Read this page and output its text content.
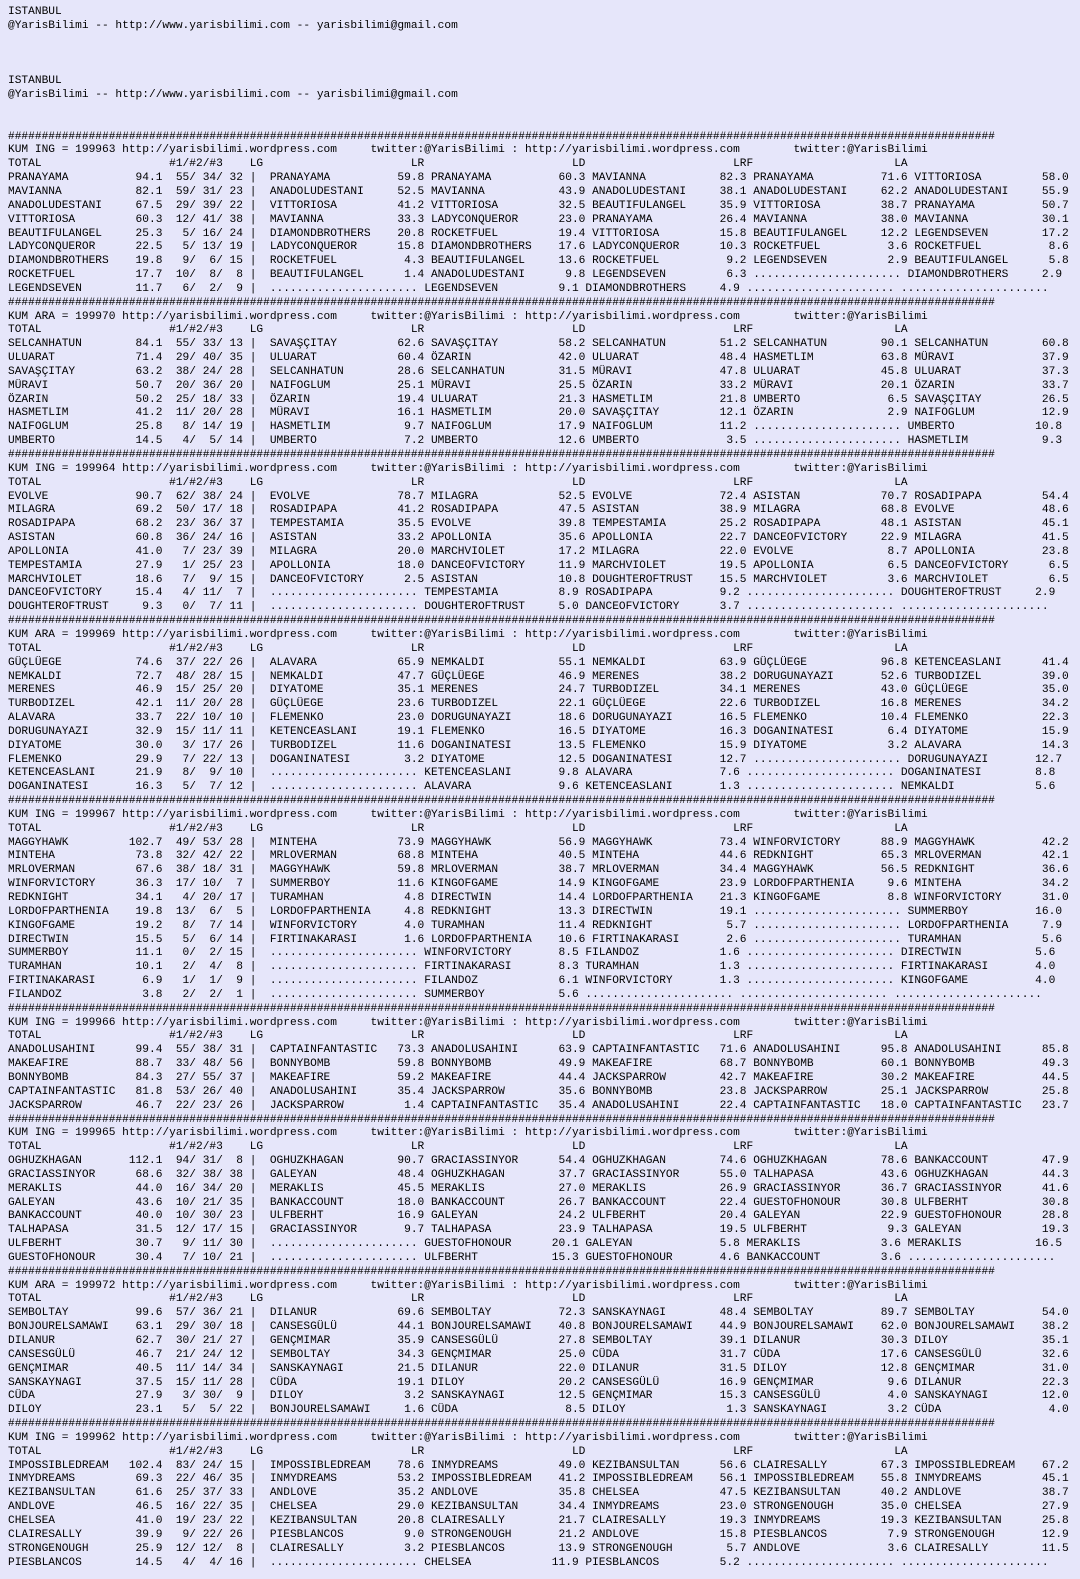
ISTANBUL
@YarisBilimi -- http://www.yarisbilimi.com -- yarisbilimi@gmail.com

ISTANBUL
@YarisBilimi -- http://www.yarisbilimi.com -- yarisbilimi@gmail.com

###################################################################################################################################################
KUM ING = 199963 http://yarisbilimi.wordpress.com     twitter:@YarisBilimi : http://yarisbilimi.wordpress.com        twitter:@YarisBilimi
TOTAL                   #1/#2/#3    LG                      LR                      LD                      LRF                     LA
PRANAYAMA          94.1  55/ 34/ 32 |  PRANAYAMA          59.8 PRANAYAMA          60.3 MAVIANNA           82.3 PRANAYAMA          71.6 VITTORIOSA         58.0
MAVIANNA           82.1  59/ 31/ 23 |  ANADOLUDESTANI     52.5 MAVIANNA           43.9 ANADOLUDESTANI     38.1 ANADOLUDESTANI     62.2 ANADOLUDESTANI     55.9
ANADOLUDESTANI     67.5  29/ 39/ 22 |  VITTORIOSA         41.2 VITTORIOSA         32.5 BEAUTIFULANGEL     35.9 VITTORIOSA         38.7 PRANAYAMA          50.7
VITTORIOSA         60.3  12/ 41/ 38 |  MAVIANNA           33.3 LADYCONQUEROR      23.0 PRANAYAMA          26.4 MAVIANNA           38.0 MAVIANNA           30.1
BEAUTIFULANGEL     25.3   5/ 16/ 24 |  DIAMONDBROTHERS    20.8 ROCKETFUEL         19.4 VITTORIOSA         15.8 BEAUTIFULANGEL     12.2 LEGENDSEVEN        17.2
LADYCONQUEROR      22.5   5/ 13/ 19 |  LADYCONQUEROR      15.8 DIAMONDBROTHERS    17.6 LADYCONQUEROR      10.3 ROCKETFUEL          3.6 ROCKETFUEL          8.6
DIAMONDBROTHERS    19.8   9/  6/ 15 |  ROCKETFUEL          4.3 BEAUTIFULANGEL     13.6 ROCKETFUEL          9.2 LEGENDSEVEN         2.9 BEAUTIFULANGEL      5.8
ROCKETFUEL         17.7  10/  8/  8 |  BEAUTIFULANGEL      1.4 ANADOLUDESTANI      9.8 LEGENDSEVEN         6.3 ...................... DIAMONDBROTHERS     2.9
LEGENDSEVEN        11.7   6/  2/  9 |  ...................... LEGENDSEVEN         9.1 DIAMONDBROTHERS     4.9 ...................... ......................
###################################################################################################################################################
KUM ARA = 199970 http://yarisbilimi.wordpress.com     twitter:@YarisBilimi : http://yarisbilimi.wordpress.com        twitter:@YarisBilimi
TOTAL                   #1/#2/#3    LG                      LR                      LD                      LRF                     LA
SELCANHATUN        84.1  55/ 33/ 13 |  SAVAŞÇITAY         62.6 SAVAŞÇITAY         58.2 SELCANHATUN        51.2 SELCANHATUN        90.1 SELCANHATUN        60.8
ULUARAT            71.4  29/ 40/ 35 |  ULUARAT            60.4 ÖZARIN             42.0 ULUARAT            48.4 HASMETLIM          63.8 MÜRAVI             37.9
SAVAŞÇITAY         63.2  38/ 24/ 28 |  SELCANHATUN        28.6 SELCANHATUN        31.5 MÜRAVI             47.8 ULUARAT            45.8 ULUARAT            37.3
MÜRAVI             50.7  20/ 36/ 20 |  NAIFOGLUM          25.1 MÜRAVI             25.5 ÖZARIN             33.2 MÜRAVI             20.1 ÖZARIN             33.7
ÖZARIN             50.2  25/ 18/ 33 |  ÖZARIN             19.4 ULUARAT            21.3 HASMETLIM          21.8 UMBERTO             6.5 SAVAŞÇITAY         26.5
HASMETLIM          41.2  11/ 20/ 28 |  MÜRAVI             16.1 HASMETLIM          20.0 SAVAŞÇITAY         12.1 ÖZARIN              2.9 NAIFOGLUM          12.9
NAIFOGLUM          25.8   8/ 14/ 19 |  HASMETLIM           9.7 NAIFOGLUM          17.9 NAIFOGLUM          11.2 ...................... UMBERTO            10.8
UMBERTO            14.5   4/  5/ 14 |  UMBERTO             7.2 UMBERTO            12.6 UMBERTO             3.5 ...................... HASMETLIM           9.3
###################################################################################################################################################
KUM ING = 199964 http://yarisbilimi.wordpress.com     twitter:@YarisBilimi : http://yarisbilimi.wordpress.com        twitter:@YarisBilimi
TOTAL                   #1/#2/#3    LG                      LR                      LD                      LRF                     LA
EVOLVE             90.7  62/ 38/ 24 |  EVOLVE             78.7 MILAGRA            52.5 EVOLVE             72.4 ASISTAN            70.7 ROSADIPAPA         54.4
MILAGRA            69.2  50/ 17/ 18 |  ROSADIPAPA         41.2 ROSADIPAPA         47.5 ASISTAN            38.9 MILAGRA            68.8 EVOLVE             48.6
ROSADIPAPA         68.2  23/ 36/ 37 |  TEMPESTAMIA        35.5 EVOLVE             39.8 TEMPESTAMIA        25.2 ROSADIPAPA         48.1 ASISTAN            45.1
ASISTAN            60.8  36/ 24/ 16 |  ASISTAN            33.2 APOLLONIA          35.6 APOLLONIA          22.7 DANCEOFVICTORY     22.9 MILAGRA            41.5
APOLLONIA          41.0   7/ 23/ 39 |  MILAGRA            20.0 MARCHVIOLET        17.2 MILAGRA            22.0 EVOLVE              8.7 APOLLONIA          23.8
TEMPESTAMIA        27.9   1/ 25/ 23 |  APOLLONIA          18.0 DANCEOFVICTORY     11.9 MARCHVIOLET        19.5 APOLLONIA           6.5 DANCEOFVICTORY      6.5
MARCHVIOLET        18.6   7/  9/ 15 |  DANCEOFVICTORY      2.5 ASISTAN            10.8 DOUGHTEROFTRUST    15.5 MARCHVIOLET         3.6 MARCHVIOLET         6.5
DANCEOFVICTORY     15.4   4/ 11/  7 |  ...................... TEMPESTAMIA         8.9 ROSADIPAPA          9.2 ...................... DOUGHTEROFTRUST     2.9
DOUGHTEROFTRUST     9.3   0/  7/ 11 |  ...................... DOUGHTEROFTRUST     5.0 DANCEOFVICTORY      3.7 ...................... ......................
###################################################################################################################################################
KUM ARA = 199969 http://yarisbilimi.wordpress.com     twitter:@YarisBilimi : http://yarisbilimi.wordpress.com        twitter:@YarisBilimi
TOTAL                   #1/#2/#3    LG                      LR                      LD                      LRF                     LA
GÜÇLÜEGE           74.6  37/ 22/ 26 |  ALAVARA            65.9 NEMKALDI           55.1 NEMKALDI           63.9 GÜÇLÜEGE           96.8 KETENCEASLANI      41.4
NEMKALDI           72.7  48/ 28/ 15 |  NEMKALDI           47.7 GÜÇLÜEGE           46.9 MERENES            38.2 DORUGUNAYAZI       52.6 TURBODIZEL         39.0
MERENES            46.9  15/ 25/ 20 |  DIYATOME           35.1 MERENES            24.7 TURBODIZEL         34.1 MERENES            43.0 GÜÇLÜEGE           35.0
TURBODIZEL         42.1  11/ 20/ 28 |  GÜÇLÜEGE           23.6 TURBODIZEL         22.1 GÜÇLÜEGE           22.6 TURBODIZEL         16.8 MERENES            34.2
ALAVARA            33.7  22/ 10/ 10 |  FLEMENKO           23.0 DORUGUNAYAZI       18.6 DORUGUNAYAZI       16.5 FLEMENKO           10.4 FLEMENKO           22.3
DORUGUNAYAZI       32.9  15/ 11/ 11 |  KETENCEASLANI      19.1 FLEMENKO           16.5 DIYATOME           16.3 DOGANINATESI        6.4 DIYATOME           15.9
DIYATOME           30.0   3/ 17/ 26 |  TURBODIZEL         11.6 DOGANINATESI       13.5 FLEMENKO           15.9 DIYATOME            3.2 ALAVARA            14.3
FLEMENKO           29.9   7/ 22/ 13 |  DOGANINATESI        3.2 DIYATOME           12.5 DOGANINATESI       12.7 ...................... DORUGUNAYAZI       12.7
KETENCEASLANI      21.9   8/  9/ 10 |  ...................... KETENCEASLANI       9.8 ALAVARA             7.6 ...................... DOGANINATESI        8.8
DOGANINATESI       16.3   5/  7/ 12 |  ...................... ALAVARA             9.6 KETENCEASLANI       1.3 ...................... NEMKALDI            5.6
###################################################################################################################################################
KUM ING = 199967 http://yarisbilimi.wordpress.com     twitter:@YarisBilimi : http://yarisbilimi.wordpress.com        twitter:@YarisBilimi
TOTAL                   #1/#2/#3    LG                      LR                      LD                      LRF                     LA
MAGGYHAWK         102.7  49/ 53/ 28 |  MINTEHA            73.9 MAGGYHAWK          56.9 MAGGYHAWK          73.4 WINFORVICTORY      88.9 MAGGYHAWK          42.2
MINTEHA            73.8  32/ 42/ 22 |  MRLOVERMAN         68.8 MINTEHA            40.5 MINTEHA            44.6 REDKNIGHT          65.3 MRLOVERMAN         42.1
MRLOVERMAN         67.6  38/ 18/ 31 |  MAGGYHAWK          59.8 MRLOVERMAN         38.7 MRLOVERMAN         34.4 MAGGYHAWK          56.5 REDKNIGHT          36.6
WINFORVICTORY      36.3  17/ 10/  7 |  SUMMERBOY          11.6 KINGOFGAME         14.9 KINGOFGAME         23.9 LORDOFPARTHENIA     9.6 MINTEHA            34.2
REDKNIGHT          34.1   4/ 20/ 17 |  TURAMHAN            4.8 DIRECTWIN          14.4 LORDOFPARTHENIA    21.3 KINGOFGAME          8.8 WINFORVICTORY      31.0
LORDOFPARTHENIA    19.8  13/  6/  5 |  LORDOFPARTHENIA     4.8 REDKNIGHT          13.3 DIRECTWIN          19.1 ...................... SUMMERBOY          16.0
KINGOFGAME         19.2   8/  7/ 14 |  WINFORVICTORY       4.0 TURAMHAN           11.4 REDKNIGHT           5.7 ...................... LORDOFPARTHENIA     7.9
DIRECTWIN          15.5   5/  6/ 14 |  FIRTINAKARASI       1.6 LORDOFPARTHENIA    10.6 FIRTINAKARASI       2.6 ...................... TURAMHAN            5.6
SUMMERBOY          11.1   0/  2/ 15 |  ...................... WINFORVICTORY       8.5 FILANDOZ            1.6 ...................... DIRECTWIN           5.6
TURAMHAN           10.1   2/  4/  8 |  ...................... FIRTINAKARASI       8.3 TURAMHAN            1.3 ...................... FIRTINAKARASI       4.0
FIRTINAKARASI       6.9   1/  1/  9 |  ...................... FILANDOZ            6.1 WINFORVICTORY       1.3 ...................... KINGOFGAME          4.0
FILANDOZ            3.8   2/  2/  1 |  ...................... SUMMERBOY           5.6 ...................... ...................... ......................
###################################################################################################################################################
KUM ING = 199966 http://yarisbilimi.wordpress.com     twitter:@YarisBilimi : http://yarisbilimi.wordpress.com        twitter:@YarisBilimi
TOTAL                   #1/#2/#3    LG                      LR                      LD                      LRF                     LA
ANADOLUSAHINI      99.4  55/ 38/ 31 |  CAPTAINFANTASTIC   73.3 ANADOLUSAHINI      63.9 CAPTAINFANTASTIC   71.6 ANADOLUSAHINI      95.8 ANADOLUSAHINI      85.8
MAKEAFIRE          88.7  33/ 48/ 56 |  BONNYBOMB          59.8 BONNYBOMB          49.9 MAKEAFIRE          68.7 BONNYBOMB          60.1 BONNYBOMB          49.3
BONNYBOMB          84.3  27/ 55/ 37 |  MAKEAFIRE          59.2 MAKEAFIRE          44.4 JACKSPARROW        42.7 MAKEAFIRE          30.2 MAKEAFIRE          44.5
CAPTAINFANTASTIC   81.8  53/ 26/ 40 |  ANADOLUSAHINI      35.4 JACKSPARROW        35.6 BONNYBOMB          23.8 JACKSPARROW        25.1 JACKSPARROW        25.8
JACKSPARROW        46.7  22/ 23/ 26 |  JACKSPARROW         1.4 CAPTAINFANTASTIC   35.4 ANADOLUSAHINI      22.4 CAPTAINFANTASTIC   18.0 CAPTAINFANTASTIC   23.7
###################################################################################################################################################
KUM ING = 199965 http://yarisbilimi.wordpress.com     twitter:@YarisBilimi : http://yarisbilimi.wordpress.com        twitter:@YarisBilimi
TOTAL                   #1/#2/#3    LG                      LR                      LD                      LRF                     LA
OGHUZKHAGAN       112.1  94/ 31/  8 |  OGHUZKHAGAN        90.7 GRACIASSINYOR      54.4 OGHUZKHAGAN        74.6 OGHUZKHAGAN        78.6 BANKACCOUNT        47.9
GRACIASSINYOR      68.6  32/ 38/ 38 |  GALEYAN            48.4 OGHUZKHAGAN        37.7 GRACIASSINYOR      55.0 TALHAPASA          43.6 OGHUZKHAGAN        44.3
MERAKLIS           44.0  16/ 34/ 20 |  MERAKLIS           45.5 MERAKLIS           27.0 MERAKLIS           26.9 GRACIASSINYOR      36.7 GRACIASSINYOR      41.6
GALEYAN            43.6  10/ 21/ 35 |  BANKACCOUNT        18.0 BANKACCOUNT        26.7 BANKACCOUNT        22.4 GUESTOFHONOUR      30.8 ULFBERHT           30.8
BANKACCOUNT        40.0  10/ 30/ 23 |  ULFBERHT           16.9 GALEYAN            24.2 ULFBERHT           20.4 GALEYAN            22.9 GUESTOFHONOUR      28.8
TALHAPASA          31.5  12/ 17/ 15 |  GRACIASSINYOR       9.7 TALHAPASA          23.9 TALHAPASA          19.5 ULFBERHT            9.3 GALEYAN            19.3
ULFBERHT           30.7   9/ 11/ 30 |  ...................... GUESTOFHONOUR      20.1 GALEYAN             5.8 MERAKLIS            3.6 MERAKLIS           16.5
GUESTOFHONOUR      30.4   7/ 10/ 21 |  ...................... ULFBERHT           15.3 GUESTOFHONOUR       4.6 BANKACCOUNT         3.6 ......................
###################################################################################################################################################
KUM ARA = 199972 http://yarisbilimi.wordpress.com     twitter:@YarisBilimi : http://yarisbilimi.wordpress.com        twitter:@YarisBilimi
TOTAL                   #1/#2/#3    LG                      LR                      LD                      LRF                     LA
SEMBOLTAY          99.6  57/ 36/ 21 |  DILANUR            69.6 SEMBOLTAY          72.3 SANSKAYNAGI        48.4 SEMBOLTAY          89.7 SEMBOLTAY          54.0
BONJOURELSAMAWI    63.1  29/ 30/ 18 |  CANSESGÜLÜ         44.1 BONJOURELSAMAWI    40.8 BONJOURELSAMAWI    44.9 BONJOURELSAMAWI    62.0 BONJOURELSAMAWI    38.2
DILANUR            62.7  30/ 21/ 27 |  GENÇMIMAR          35.9 CANSESGÜLÜ         27.8 SEMBOLTAY          39.1 DILANUR            30.3 DILOY              35.1
CANSESGÜLÜ         46.7  21/ 24/ 12 |  SEMBOLTAY          34.3 GENÇMIMAR          25.0 CÜDA               31.7 CÜDA               17.6 CANSESGÜLÜ         32.6
GENÇMIMAR          40.5  11/ 14/ 34 |  SANSKAYNAGI        21.5 DILANUR            22.0 DILANUR            31.5 DILOY              12.8 GENÇMIMAR          31.0
SANSKAYNAGI        37.5  15/ 11/ 28 |  CÜDA               19.1 DILOY              20.2 CANSESGÜLÜ         16.9 GENÇMIMAR           9.6 DILANUR            22.3
CÜDA               27.9   3/ 30/  9 |  DILOY               3.2 SANSKAYNAGI        12.5 GENÇMIMAR          15.3 CANSESGÜLÜ          4.0 SANSKAYNAGI        12.0
DILOY              23.1   5/  5/ 22 |  BONJOURELSAMAWI     1.6 CÜDA                8.5 DILOY               1.3 SANSKAYNAGI         3.2 CÜDA                4.0
###################################################################################################################################################
KUM ING = 199962 http://yarisbilimi.wordpress.com     twitter:@YarisBilimi : http://yarisbilimi.wordpress.com        twitter:@YarisBilimi
TOTAL                   #1/#2/#3    LG                      LR                      LD                      LRF                     LA
IMPOSSIBLEDREAM   102.4  83/ 24/ 15 |  IMPOSSIBLEDREAM    78.6 INMYDREAMS         49.0 KEZIBANSULTAN      56.6 CLAIRESALLY        67.3 IMPOSSIBLEDREAM    67.2
INMYDREAMS         69.3  22/ 46/ 35 |  INMYDREAMS         53.2 IMPOSSIBLEDREAM    41.2 IMPOSSIBLEDREAM    56.1 IMPOSSIBLEDREAM    55.8 INMYDREAMS         45.1
KEZIBANSULTAN      61.6  25/ 37/ 33 |  ANDLOVE            35.2 ANDLOVE            35.8 CHELSEA            47.5 KEZIBANSULTAN      40.2 ANDLOVE            38.7
ANDLOVE            46.5  16/ 22/ 35 |  CHELSEA            29.0 KEZIBANSULTAN      34.4 INMYDREAMS         23.0 STRONGENOUGH       35.0 CHELSEA            27.9
CHELSEA            41.0  19/ 23/ 22 |  KEZIBANSULTAN      20.8 CLAIRESALLY        21.7 CLAIRESALLY        19.3 INMYDREAMS         19.3 KEZIBANSULTAN      25.8
CLAIRESALLY        39.9   9/ 22/ 26 |  PIESBLANCOS         9.0 STRONGENOUGH       21.2 ANDLOVE            15.8 PIESBLANCOS         7.9 STRONGENOUGH       12.9
STRONGENOUGH       25.9  12/ 12/  8 |  CLAIRESALLY         3.2 PIESBLANCOS        13.9 STRONGENOUGH        5.7 ANDLOVE             3.6 CLAIRESALLY        11.5
PIESBLANCOS        14.5   4/  4/ 16 |  ...................... CHELSEA            11.9 PIESBLANCOS         5.2 ...................... ......................
